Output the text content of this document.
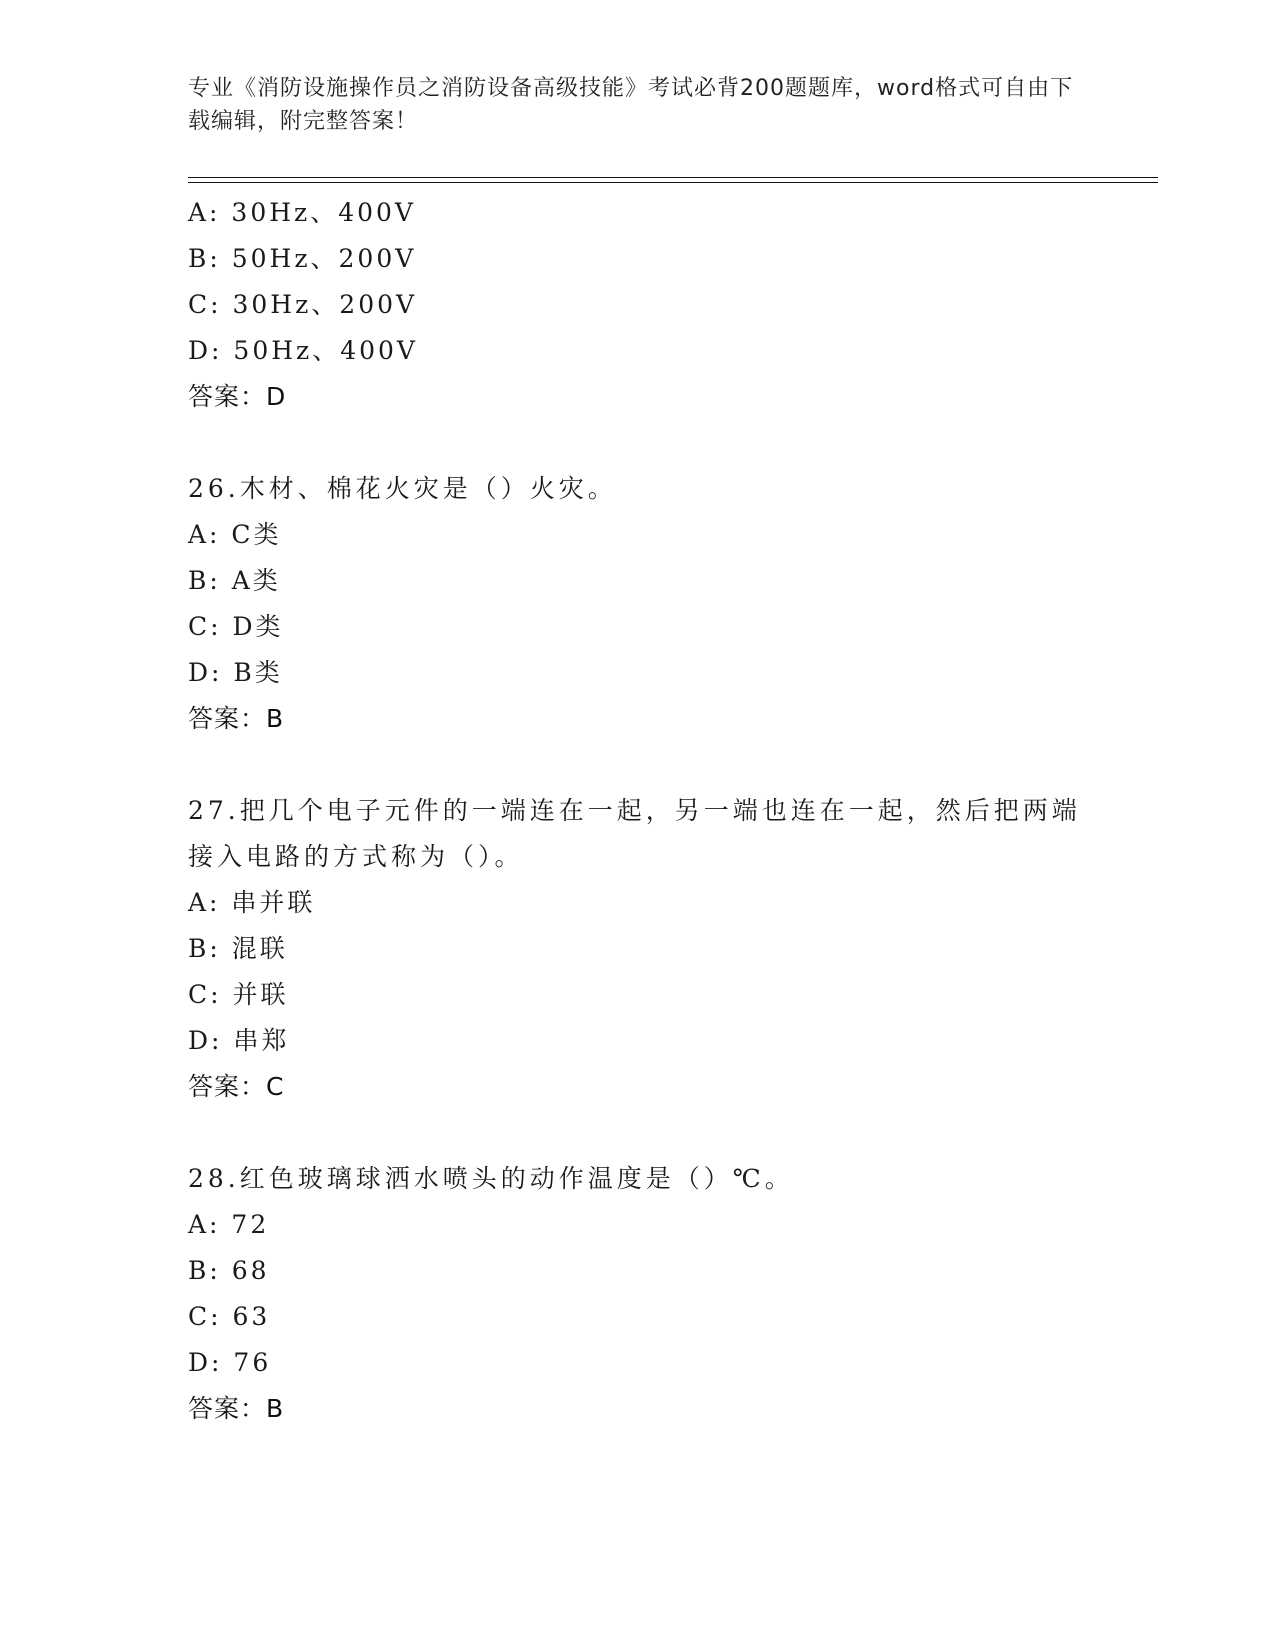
专业《消防设施操作员之消防设备高级技能》考试必背200题题库，word格式可自由下载编辑，附完整答案！
A: 30Hz、400V
B: 50Hz、200V
C: 30Hz、200V
D: 50Hz、400V
答案：D
26.木材、棉花火灾是（）火灾。
A: C类
B: A类
C: D类
D: B类
答案：B
27.把几个电子元件的一端连在一起，另一端也连在一起，然后把两端接入电路的方式称为（）。
A: 串并联
B: 混联
C: 并联
D: 串郑
答案：C
28.红色玻璃球洒水喷头的动作温度是（）℃。
A: 72
B: 68
C: 63
D: 76
答案：B
